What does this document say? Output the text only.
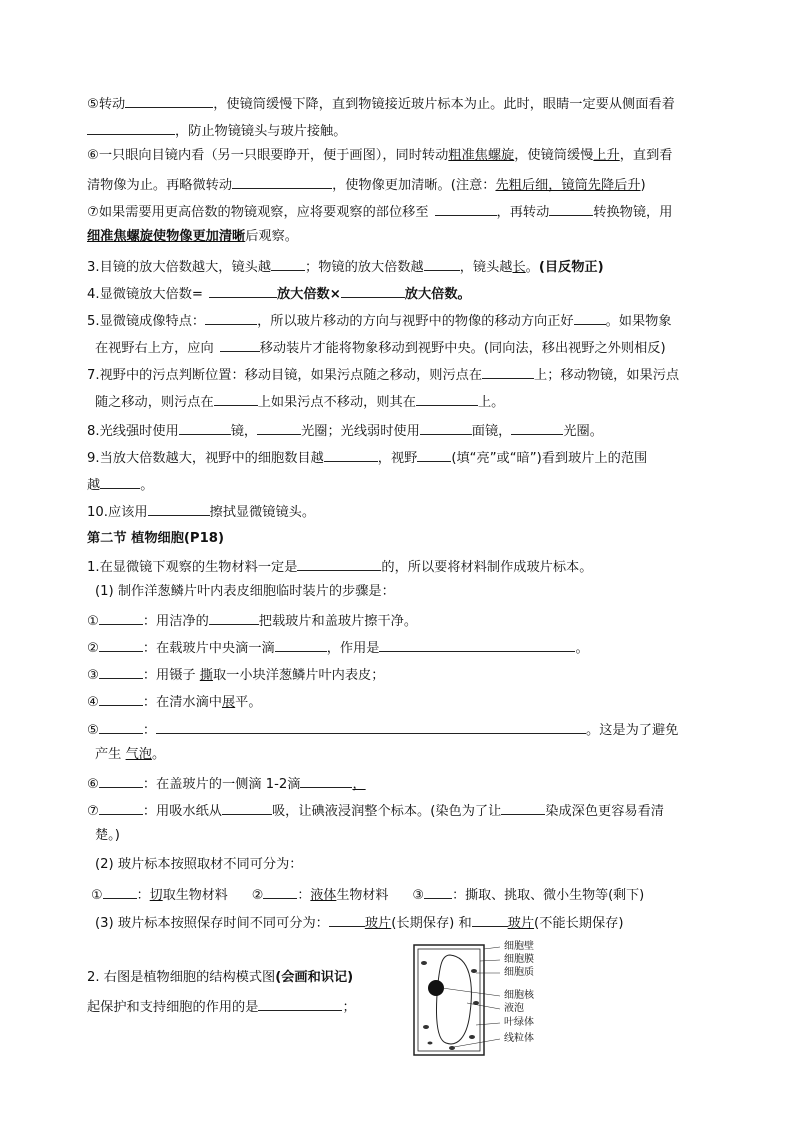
⑤转动	，使镜筒缓慢下降，直到物镜接近玻片标本为止。此时，眼睛一定要从侧面看着
，防止物镜镜头与玻片接触。
⑥一只眼向目镜内看（另一只眼要睁开，便于画图），同时转动粗准焦螺旋，使镜筒缓慢上升，直到看
清物像为止。再略微转动	，使物像更加清晰。(注意：先粗后细，镜筒先降后升)
⑦如果需要用更高倍数的物镜观察，应将要观察的部位移至	，再转动	转换物镜，用
细准焦螺旋使物像更加清晰后观察。
3.目镜的放大倍数越大，镜头越	；物镜的放大倍数越	，镜头越长。(目反物正)
4.显微镜放大倍数=	放大倍数×	放大倍数。
5.显微镜成像特点：	，所以玻片移动的方向与视野中的物像的移动方向正好 。如果物象
在视野右上方，应向	移动装片才能将物象移动到视野中央。(同向法，移出视野之外则相反)
7.视野中的污点判断位置：移动目镜，如果污点随之移动，则污点在	上；移动物镜，如果污点
随之移动，则污点在	上如果污点不移动，则其在	上。
8.光线强时使用	镜，	光圈；光线弱时使用	面镜，	光圈。
9.当放大倍数越大，视野中的细胞数目越	，视野	(填“亮”或“暗”)看到玻片上的范围
越	。
10.应该用	擦拭显微镜镜头。
第二节 植物细胞(P18)
1.在显微镜下观察的生物材料一定是	的，所以要将材料制作成玻片标本。
(1) 制作洋葱鳞片叶内表皮细胞临时装片的步骤是：
①	：用洁净的	把载玻片和盖玻片擦干净。
②	：在载玻片中央滴一滴	，作用是	。
③	：用镊子 撕取一小块洋葱鳞片叶内表皮；
④	：在清水滴中展平。
⑤	：	。这是为了避免
产生 气泡。
⑥	：在盖玻片的一侧滴 1-2滴	，
⑦	：用吸水纸从	吸，让碘液浸润整个标本。(染色为了让	染成深色更容易看清
楚。)
(2) 玻片标本按照取材不同可分为：
①	：切取生物材料 ②	：液体生物材料 ③ ：撕取、挑取、微小生物等(剩下)
(3) 玻片标本按照保存时间不同可分为：	玻片(长期保存) 和	玻片(不能长期保存)
2. 右图是植物细胞的结构模式图(会画和识记)
起保护和支持细胞的作用的是	；
细胞壁
细胞膜
细胞质
细胞核
液泡
叶绿体
线粒体
